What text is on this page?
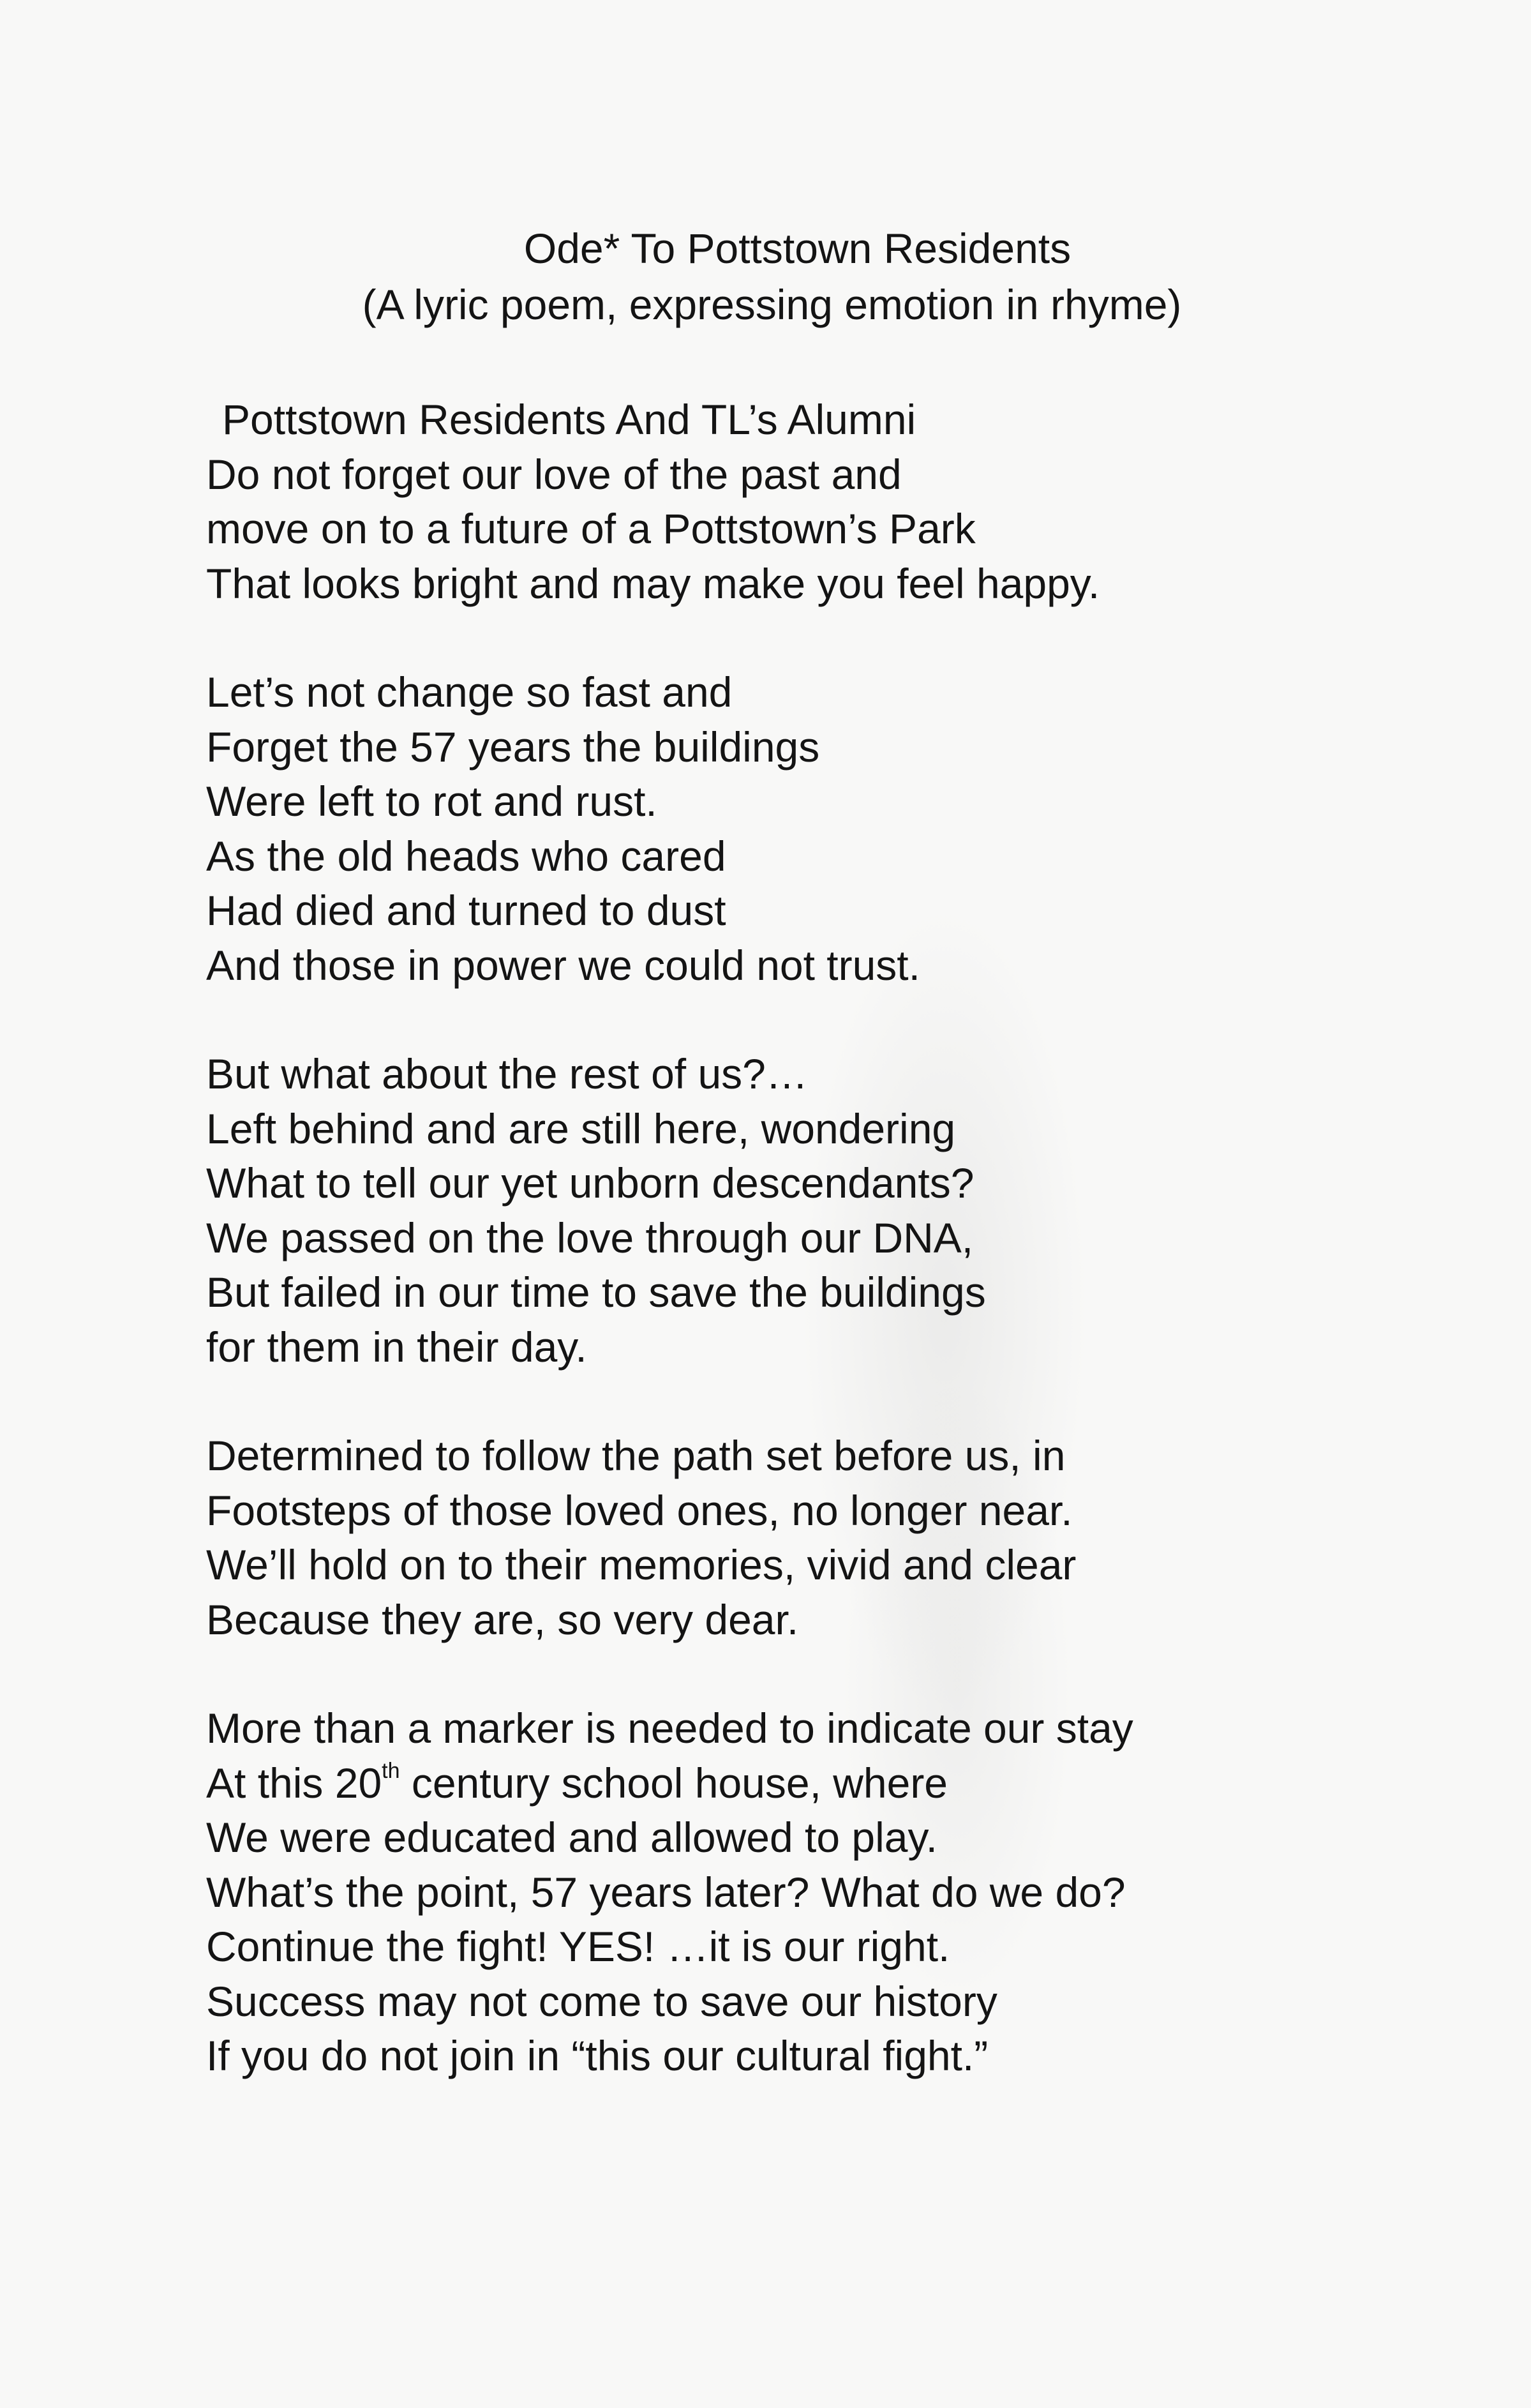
Ode* To Pottstown Residents
(A lyric poem, expressing emotion in rhyme)
Pottstown Residents And TL’s Alumni
Do not forget our love of the past and
move on to a future of a Pottstown’s Park
That looks bright and may make you feel happy.
Let’s not change so fast and
Forget the 57 years the buildings
Were left to rot and rust.
As the old heads who cared
Had died and turned to dust
And those in power we could not trust.
But what about the rest of us?…
Left behind and are still here, wondering
What to tell our yet unborn descendants?
We passed on the love through our DNA,
But failed in our time to save the buildings
for them in their day.
Determined to follow the path set before us, in
Footsteps of those loved ones, no longer near.
We’ll hold on to their memories, vivid and clear
Because they are, so very dear.
More than a marker is needed to indicate our stay
At this 20th century school house, where
We were educated and allowed to play.
What’s the point, 57 years later? What do we do?
Continue the fight! YES! …it is our right.
Success may not come to save our history
If you do not join in “this our cultural fight.”
